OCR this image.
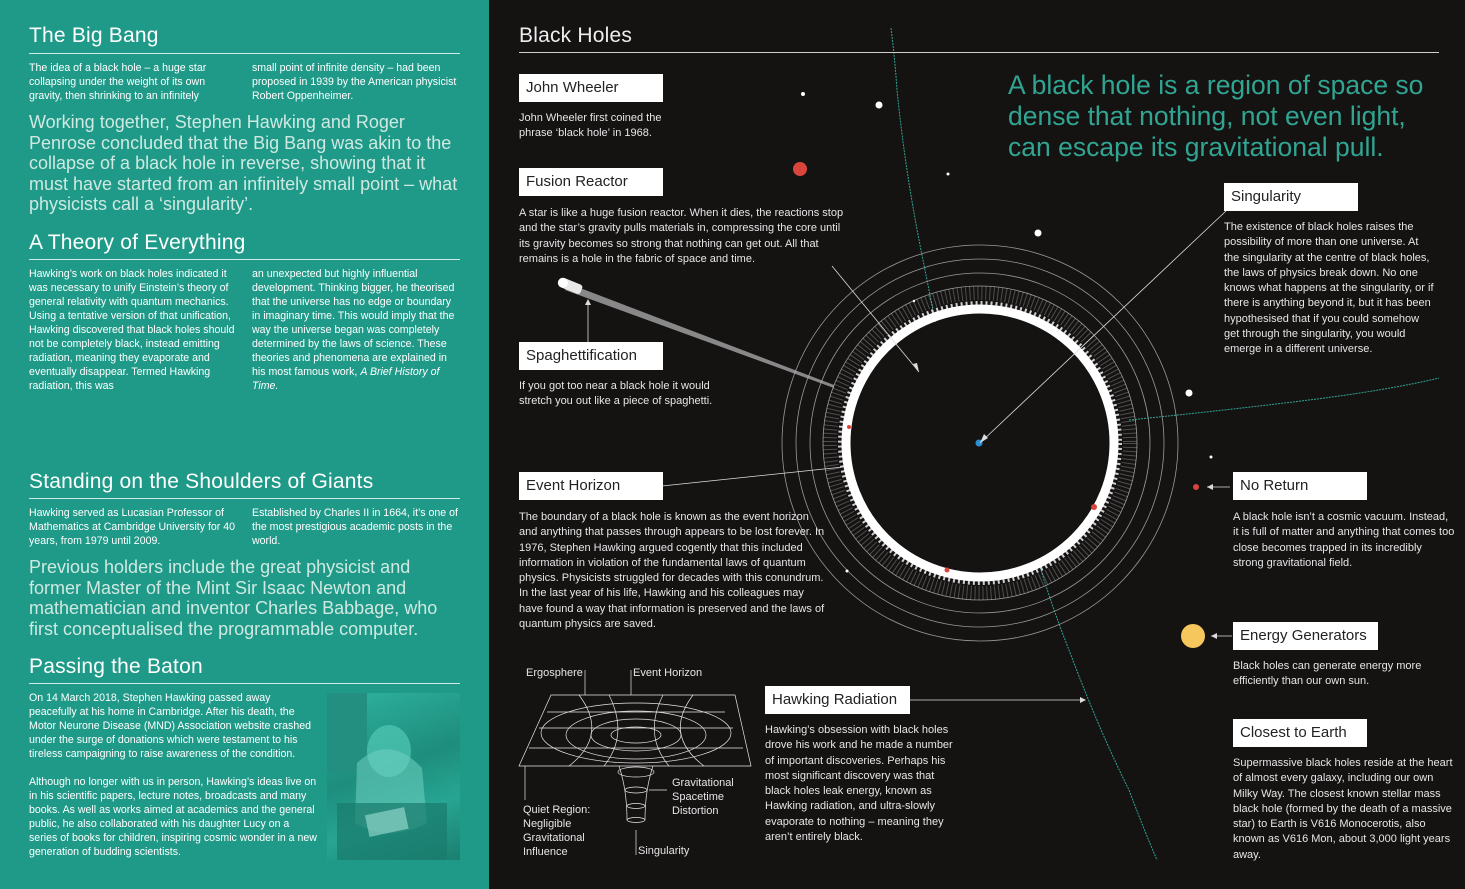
The Big Bang
The idea of a black hole – a huge star collapsing under the weight of its own gravity, then shrinking to an infinitely
small point of infinite density – had been proposed in 1939 by the American physicist Robert Oppenheimer.
Working together, Stephen Hawking and Roger Penrose concluded that the Big Bang was akin to the collapse of a black hole in reverse, showing that it must have started from an infinitely small point – what physicists call a ‘singularity’.
A Theory of Everything
Hawking’s work on black holes indicated it was necessary to unify Einstein’s theory of general relativity with quantum mechanics. Using a tentative version of that unification, Hawking discovered that black holes should not be completely black, instead emitting radiation, meaning they evaporate and eventually disappear. Termed Hawking radiation, this was
an unexpected but highly influential development. Thinking bigger, he theorised that the universe has no edge or boundary in imaginary time. This would imply that the way the universe began was completely determined by the laws of science. These theories and phenomena are explained in his most famous work, A Brief History of Time.
Standing on the Shoulders of Giants
Hawking served as Lucasian Professor of Mathematics at Cambridge University for 40 years, from 1979 until 2009.
Established by Charles II in 1664, it’s one of the most prestigious academic posts in the world.
Previous holders include the great physicist and former Master of the Mint Sir Isaac Newton and mathematician and inventor Charles Babbage, who first conceptualised the programmable computer.
Passing the Baton
On 14 March 2018, Stephen Hawking passed away peacefully at his home in Cambridge. After his death, the Motor Neurone Disease (MND) Association website crashed under the surge of donations which were testament to his tireless campaigning to raise awareness of the condition.
Although no longer with us in person, Hawking’s ideas live on in his scientific papers, lecture notes, broadcasts and many books. As well as works aimed at academics and the general public, he also collaborated with his daughter Lucy on a series of books for children, inspiring cosmic wonder in a new generation of budding scientists.
Black Holes
A black hole is a region of space so dense that nothing, not even light, can escape its gravitational pull.
John Wheeler
John Wheeler first coined the phrase ‘black hole’ in 1968.
Fusion Reactor
A star is like a huge fusion reactor. When it dies, the reactions stop and the star’s gravity pulls materials in, compressing the core until its gravity becomes so strong that nothing can get out. All that remains is a hole in the fabric of space and time.
Spaghettification
If you got too near a black hole it would stretch you out like a piece of spaghetti.
Event Horizon
The boundary of a black hole is known as the event horizon and anything that passes through appears to be lost forever. In 1976, Stephen Hawking argued cogently that this included information in violation of the fundamental laws of quantum physics. Physicists struggled for decades with this conundrum. In the last year of his life, Hawking and his colleagues may have found a way that information is preserved and the laws of quantum physics are saved.
Singularity
The existence of black holes raises the possibility of more than one universe. At the singularity at the centre of black holes, the laws of physics break down. No one knows what happens at the singularity, or if there is anything beyond it, but it has been hypothesised that if you could somehow get through the singularity, you would emerge in a different universe.
No Return
A black hole isn’t a cosmic vacuum. Instead, it is full of matter and anything that comes too close becomes trapped in its incredibly strong gravitational field.
Energy Generators
Black holes can generate energy more efficiently than our own sun.
Closest to Earth
Supermassive black holes reside at the heart of almost every galaxy, including our own Milky Way. The closest known stellar mass black hole (formed by the death of a massive star) to Earth is V616 Monocerotis, also known as V616 Mon, about 3,000 light years away.
Hawking Radiation
Hawking’s obsession with black holes drove his work and he made a number of important discoveries. Perhaps his most significant discovery was that black holes leak energy, known as Hawking radiation, and ultra-slowly evaporate to nothing – meaning they aren’t entirely black.
Ergosphere	Event Horizon
Quiet Region: Negligible Gravitational Influence
Gravitational Spacetime Distortion
Singularity
